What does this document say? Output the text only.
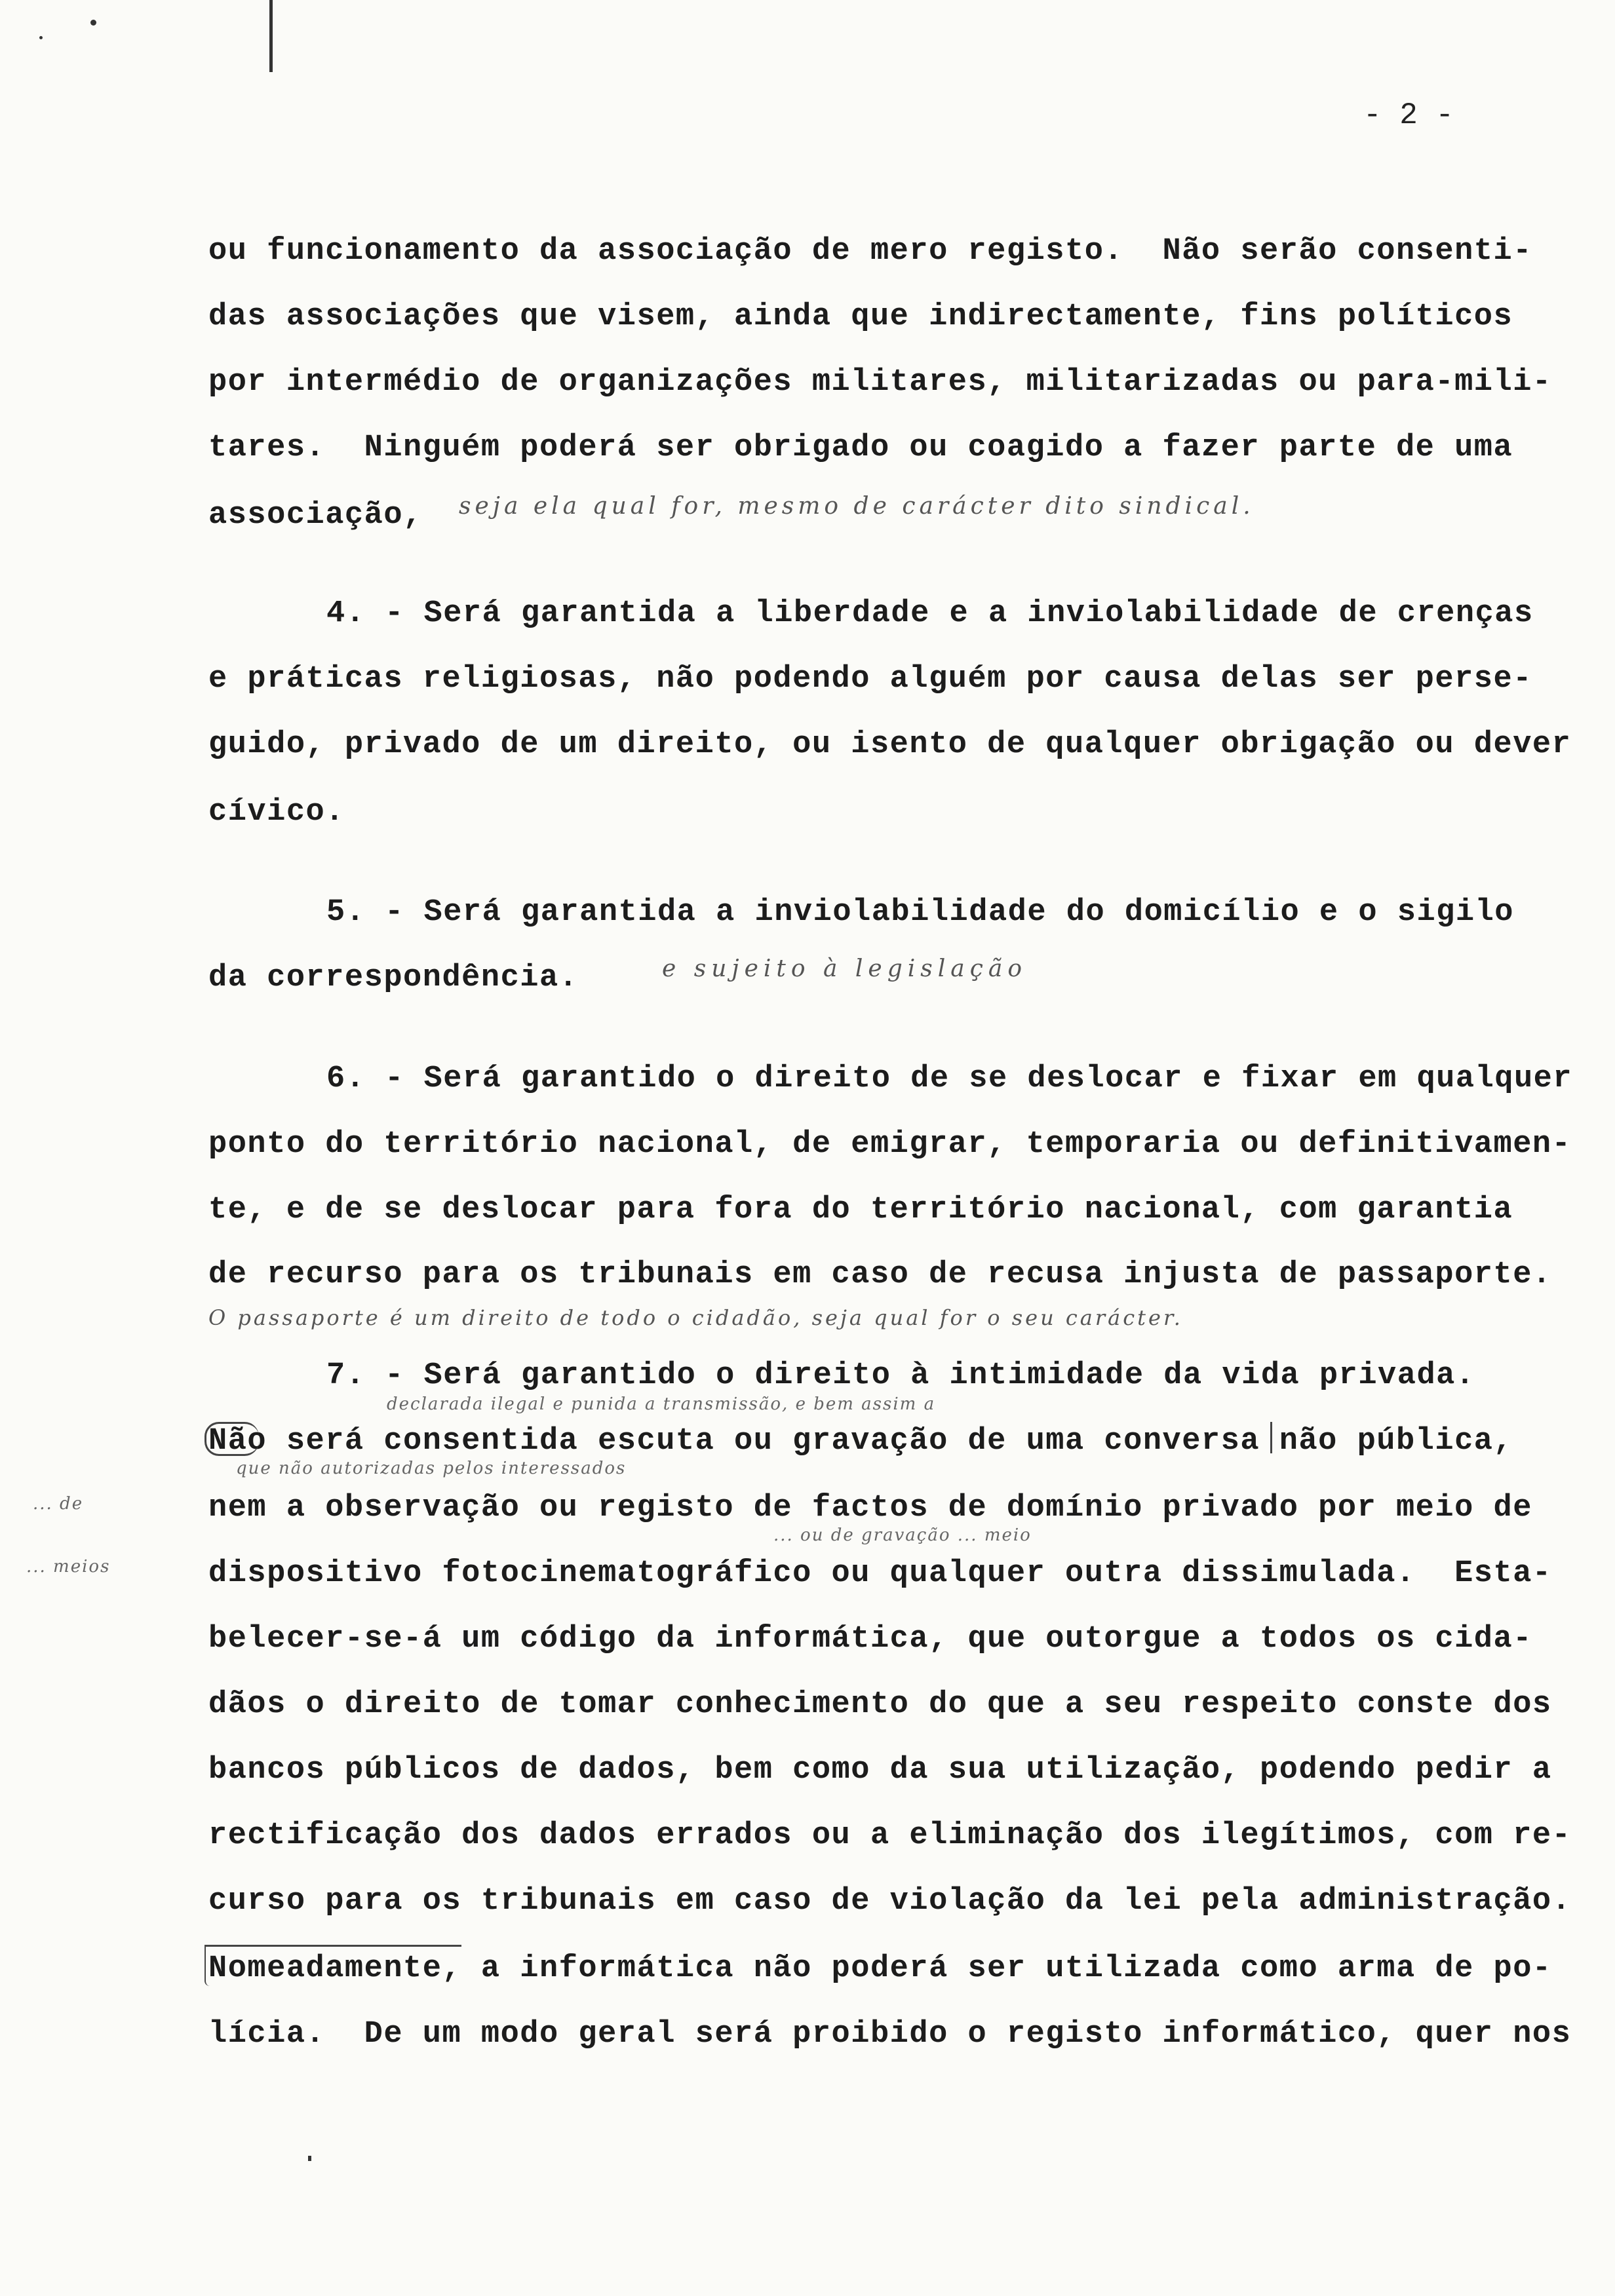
- 2 -
ou funcionamento da associação de mero registo.  Não serão consenti-
das associações que visem, ainda que indirectamente, fins políticos
por intermédio de organizações militares, militarizadas ou para-mili-
tares.  Ninguém poderá ser obrigado ou coagido a fazer parte de uma
associação, seja ela qual for, mesmo de carácter dito sindical.
4. - Será garantida a liberdade e a inviolabilidade de crenças
e práticas religiosas, não podendo alguém por causa delas ser perse-
guido, privado de um direito, ou isento de qualquer obrigação ou dever
cívico.
5. - Será garantida a inviolabilidade do domicílio e o sigilo
da correspondência.	e sujeito à legislação
6. - Será garantido o direito de se deslocar e fixar em qualquer
ponto do território nacional, de emigrar, temporaria ou definitivamen-
te, e de se deslocar para fora do território nacional, com garantia
de recurso para os tribunais em caso de recusa injusta de passaporte.
O passaporte é um direito de todo o cidadão, seja qual for o seu carácter.
7. - Será garantido o direito à intimidade da vida privada.
declarada ilegal e punida a transmissão, e bem assim a
Não será consentida escuta ou gravação de uma conversa não pública,
que não autorizadas pelos interessados
nem a observação ou registo de factos de domínio privado por meio de
... de
... ou de gravação ... meio
dispositivo fotocinematográfico ou qualquer outra dissimulada.  Esta-
... meios
belecer-se-á um código da informática, que outorgue a todos os cida-
dãos o direito de tomar conhecimento do que a seu respeito conste dos
bancos públicos de dados, bem como da sua utilização, podendo pedir a
rectificação dos dados errados ou a eliminação dos ilegítimos, com re-
curso para os tribunais em caso de violação da lei pela administração.
Nomeadamente, a informática não poderá ser utilizada como arma de po-
lícia.  De um modo geral será proibido o registo informático, quer nos
